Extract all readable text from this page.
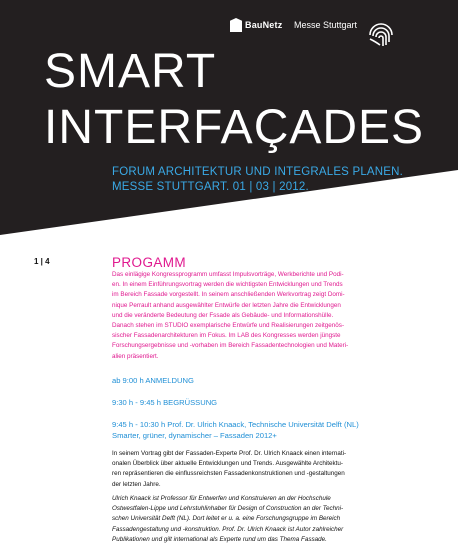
BauNetz Messe Stuttgart
SMART
INTERFAÇADES
FORUM ARCHITEKTUR UND INTEGRALES PLANEN.
MESSE STUTTGART. 01 | 03 | 2012.
1 | 4	PROGAMM
Das einlägige Kongressprogramm umfasst Impulsvorträge, Werkberichte und Podi-
en. In einem Einführungsvortrag werden die wichtigsten Entwicklungen und Trends
im Bereich Fassade vorgestellt. In seinem anschließenden Werkvortrag zeigt Domi-
nique Perrault anhand ausgewählter Entwürfe der letzten Jahre die Entwicklungen
und die veränderte Bedeutung der Fssade als Gebäude- und Informationshülle.
Danach stehen im STUDIO exemplarische Entwürfe und Realisierungen zeitgenös-
sischer Fassadenarchitekturen im Fokus. Im LAB des Kongresses werden jüngste
Forschungsergebnisse und -vorhaben im Bereich Fassadentechnologien und Materi-
alien präsentiert.
ab 9:00 h ANMELDUNG
9:30 h - 9:45 h BEGRÜSSUNG
9:45 h - 10:30 h Prof. Dr. Ulrich Knaack, Technische Universität Delft (NL)
Smarter, grüner, dynamischer – Fassaden 2012+
In seinem Vortrag gibt der Fassaden-Experte Prof. Dr. Ulrich Knaack einen internati-
onalen Überblick über aktuelle Entwicklungen und Trends. Ausgewählte Architektu-
ren repräsentieren die einflussreichsten Fassadenkonstruktionen und -gestaltungen
der letzten Jahre.
Ulrich Knaack ist Professor für Entwerfen und Konstruieren an der Hochschule
Ostwestfalen-Lippe und Lehrstuhlinhaber für Design of Construction an der Techni-
schen Universität Delft (NL). Dort leitet er u. a. eine Forschungsgruppe im Bereich
Fassadengestaltung und -konstruktion. Prof. Dr. Ulrich Knaack ist Autor zahlreicher
Publikationen und gilt international als Experte rund um das Thema Fassade.
